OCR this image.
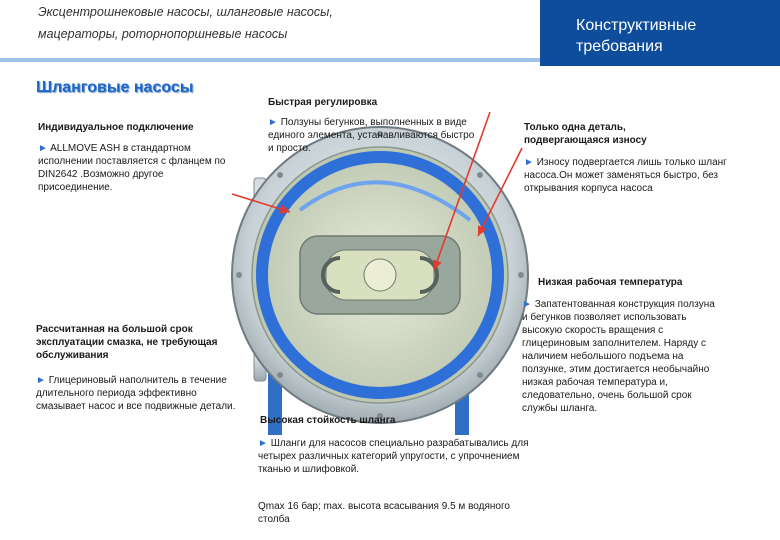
Эксцентрошнековые насосы, шланговые насосы,
мацераторы, роторнопоршневые насосы	Конструктивные
требования
Шланговые насосы
Быстрая регулировка
► Ползуны бегунков, выполненных в виде единого элемента, устанавливаются быстро и просто.
Индивидуальное подключение
► ALLMOVE ASH в стандартном исполнении поставляется с фланцем по DIN2642 .Возможно другое присоединение.
Только одна деталь,
подвергающаяся износу
► Износу подвергается лишь только шланг насоса.Он может заменяться быстро, без открывания корпуса насоса
Низкая рабочая температура
► Запатентованная конструкция ползуна и бегунков позволяет использовать высокую скорость вращения с глицериновым заполнителем. Наряду с наличием небольшого подъема на ползунке, этим достигается необычайно низкая рабочая температура и, следовательно, очень большой срок службы шланга.
Рассчитанная на большой срок эксплуатации смазка, не требующая обслуживания
► Глицериновый наполнитель в течение длительного периода эффективно смазывает насос и все подвижные детали.
Высокая стойкость шланга
► Шланги для насосов специально разрабатывались для четырех различных категорий упругости, с упрочнением тканью и шлифовкой.
Qmax 16 бар; max. высота всасывания 9.5 м водяного столба
